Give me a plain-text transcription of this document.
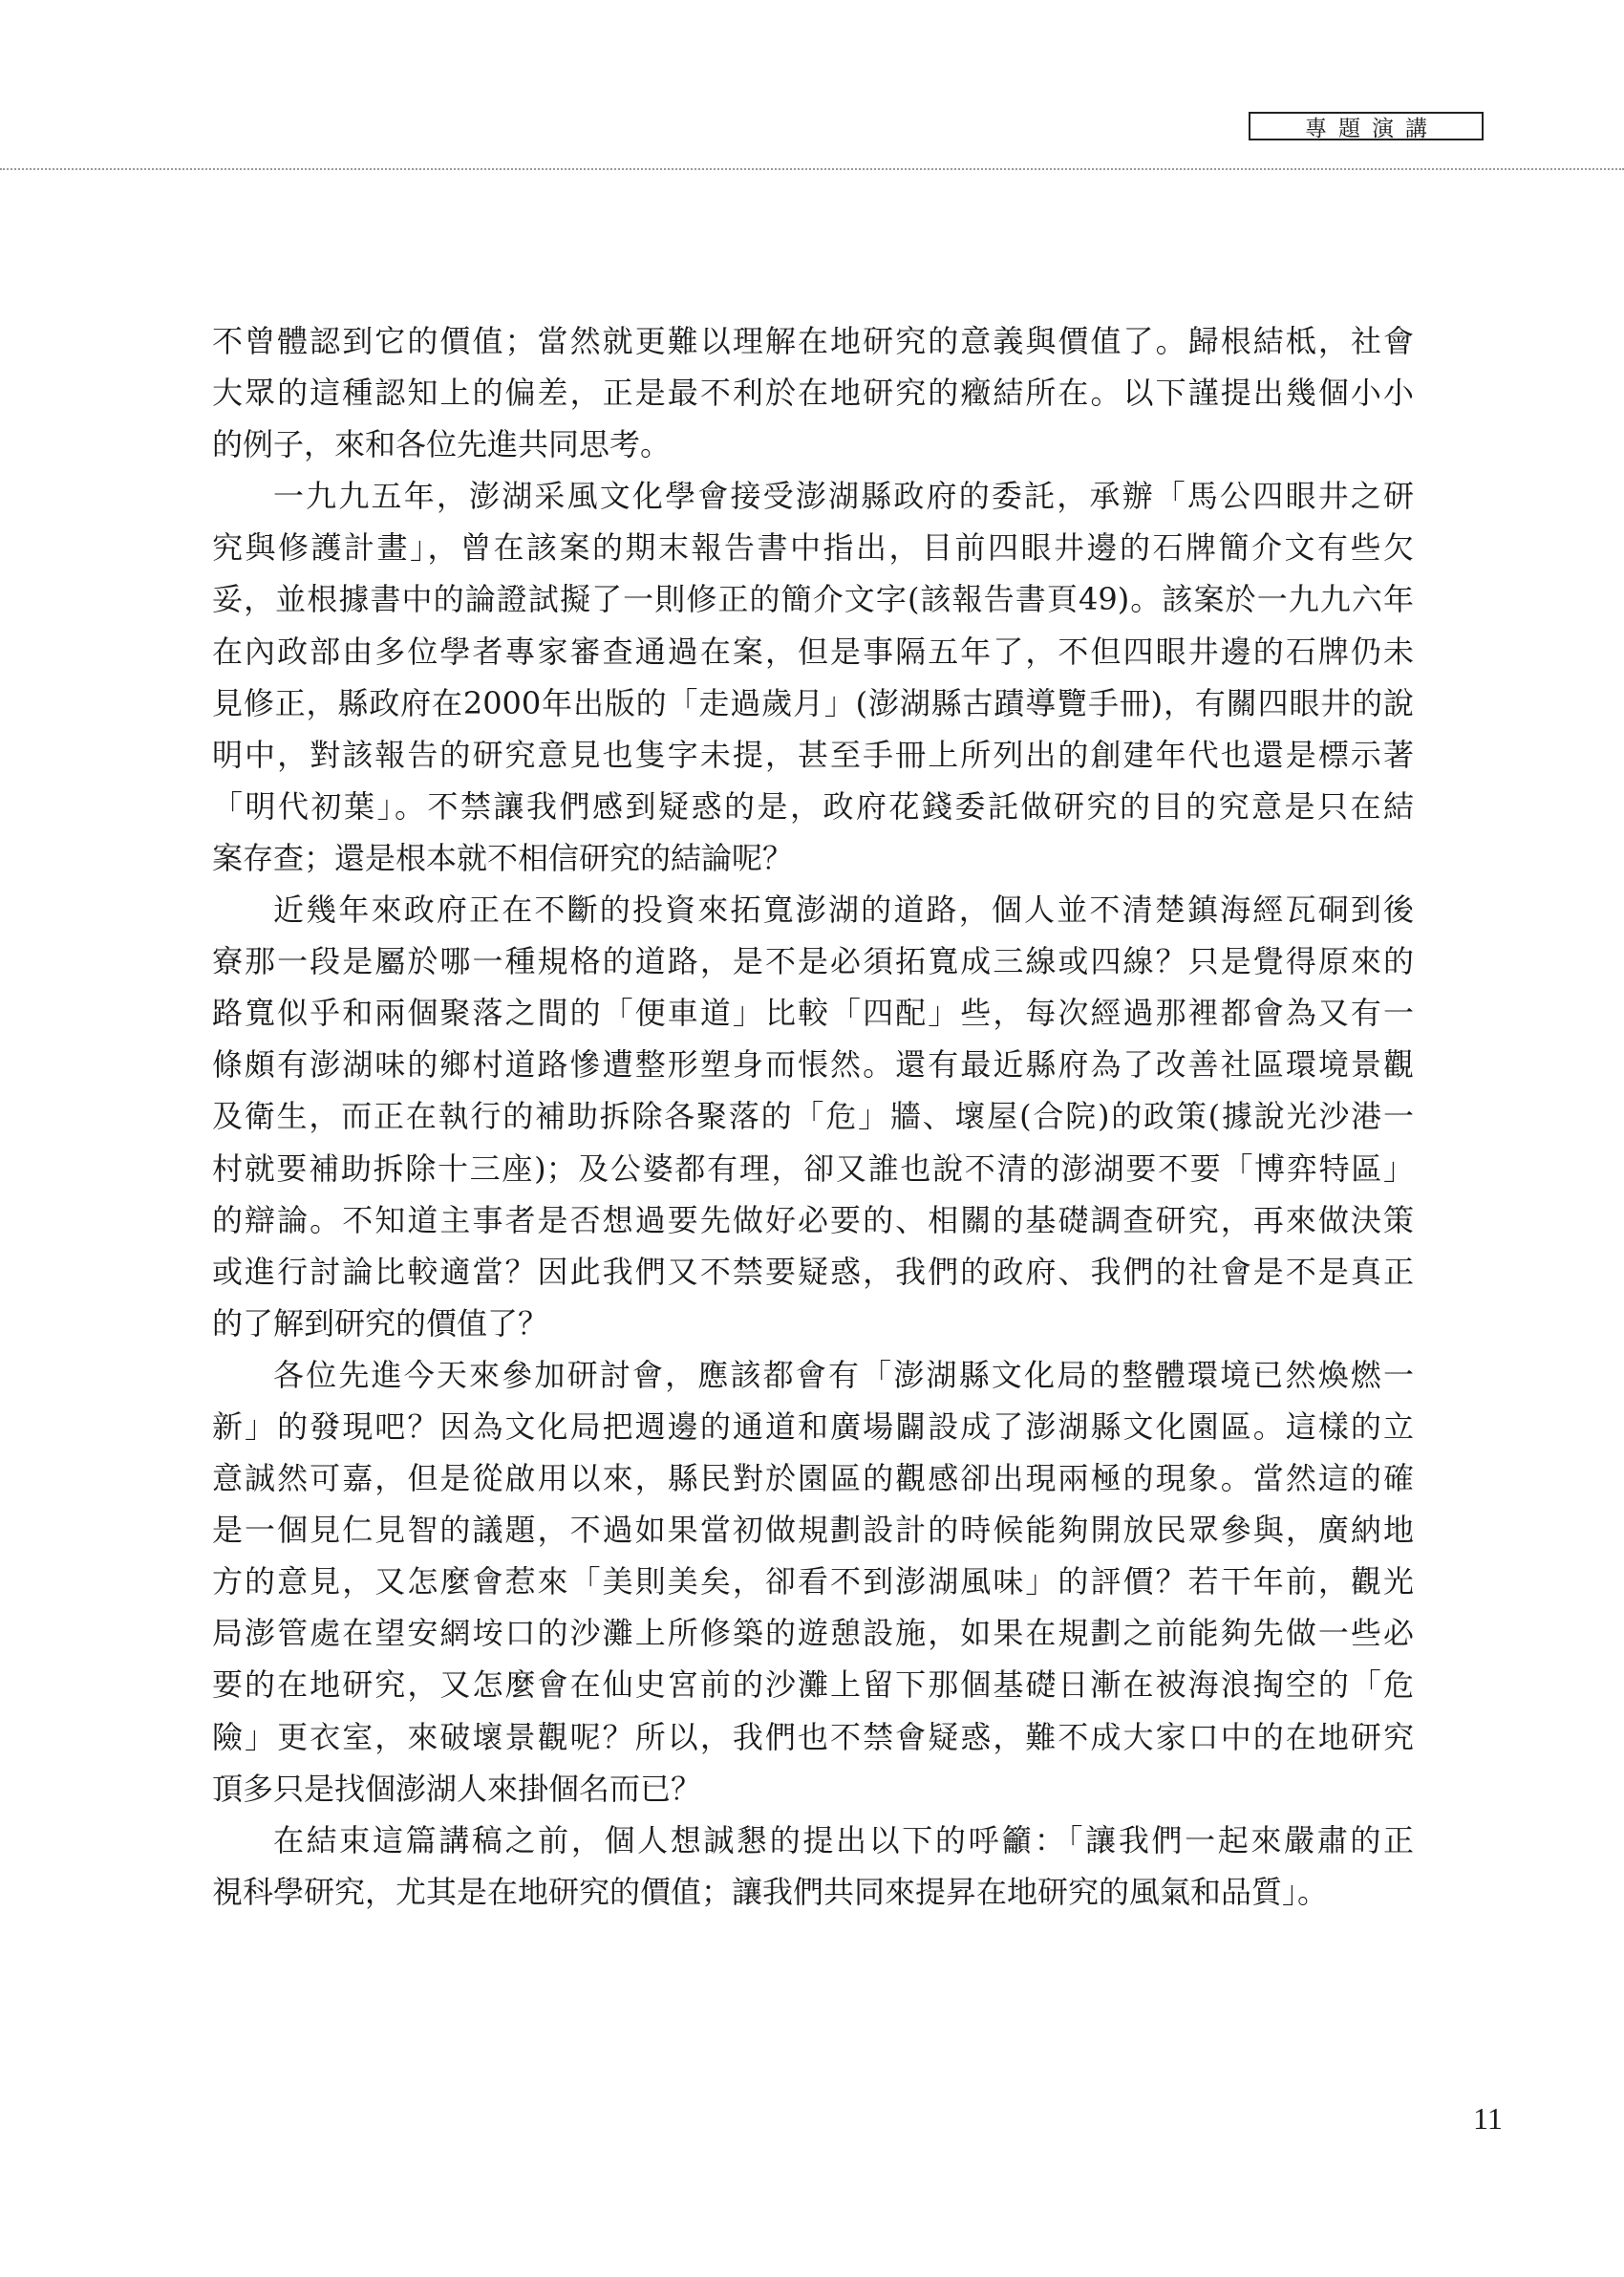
專題演講
不曾體認到它的價值；當然就更難以理解在地研究的意義與價值了。歸根結柢，社會
大眾的這種認知上的偏差，正是最不利於在地研究的癥結所在。以下謹提出幾個小小
的例子，來和各位先進共同思考。
一九九五年，澎湖采風文化學會接受澎湖縣政府的委託，承辦「馬公四眼井之研
究與修護計畫」，曾在該案的期末報告書中指出，目前四眼井邊的石牌簡介文有些欠
妥，並根據書中的論證試擬了一則修正的簡介文字(該報告書頁49)。該案於一九九六年
在內政部由多位學者專家審查通過在案，但是事隔五年了，不但四眼井邊的石牌仍未
見修正，縣政府在2000年出版的「走過歲月」(澎湖縣古蹟導覽手冊)，有關四眼井的說
明中，對該報告的研究意見也隻字未提，甚至手冊上所列出的創建年代也還是標示著
「明代初葉」。不禁讓我們感到疑惑的是，政府花錢委託做研究的目的究意是只在結
案存查；還是根本就不相信研究的結論呢？
近幾年來政府正在不斷的投資來拓寬澎湖的道路，個人並不清楚鎮海經瓦硐到後
寮那一段是屬於哪一種規格的道路，是不是必須拓寬成三線或四線？只是覺得原來的
路寬似乎和兩個聚落之間的「便車道」比較「四配」些，每次經過那裡都會為又有一
條頗有澎湖味的鄉村道路慘遭整形塑身而悵然。還有最近縣府為了改善社區環境景觀
及衛生，而正在執行的補助拆除各聚落的「危」牆、壞屋(合院)的政策(據說光沙港一
村就要補助拆除十三座)；及公婆都有理，卻又誰也說不清的澎湖要不要「博弈特區」
的辯論。不知道主事者是否想過要先做好必要的、相關的基礎調查研究，再來做決策
或進行討論比較適當？因此我們又不禁要疑惑，我們的政府、我們的社會是不是真正
的了解到研究的價值了？
各位先進今天來參加研討會，應該都會有「澎湖縣文化局的整體環境已然煥燃一
新」的發現吧？因為文化局把週邊的通道和廣場闢設成了澎湖縣文化園區。這樣的立
意誠然可嘉，但是從啟用以來，縣民對於園區的觀感卻出現兩極的現象。當然這的確
是一個見仁見智的議題，不過如果當初做規劃設計的時候能夠開放民眾參與，廣納地
方的意見，又怎麼會惹來「美則美矣，卻看不到澎湖風味」的評價？若干年前，觀光
局澎管處在望安網垵口的沙灘上所修築的遊憩設施，如果在規劃之前能夠先做一些必
要的在地研究，又怎麼會在仙史宮前的沙灘上留下那個基礎日漸在被海浪掏空的「危
險」更衣室，來破壞景觀呢？所以，我們也不禁會疑惑，難不成大家口中的在地研究
頂多只是找個澎湖人來掛個名而已？
在結束這篇講稿之前，個人想誠懇的提出以下的呼籲：「讓我們一起來嚴肅的正
視科學研究，尤其是在地研究的價值；讓我們共同來提昇在地研究的風氣和品質」。
11
